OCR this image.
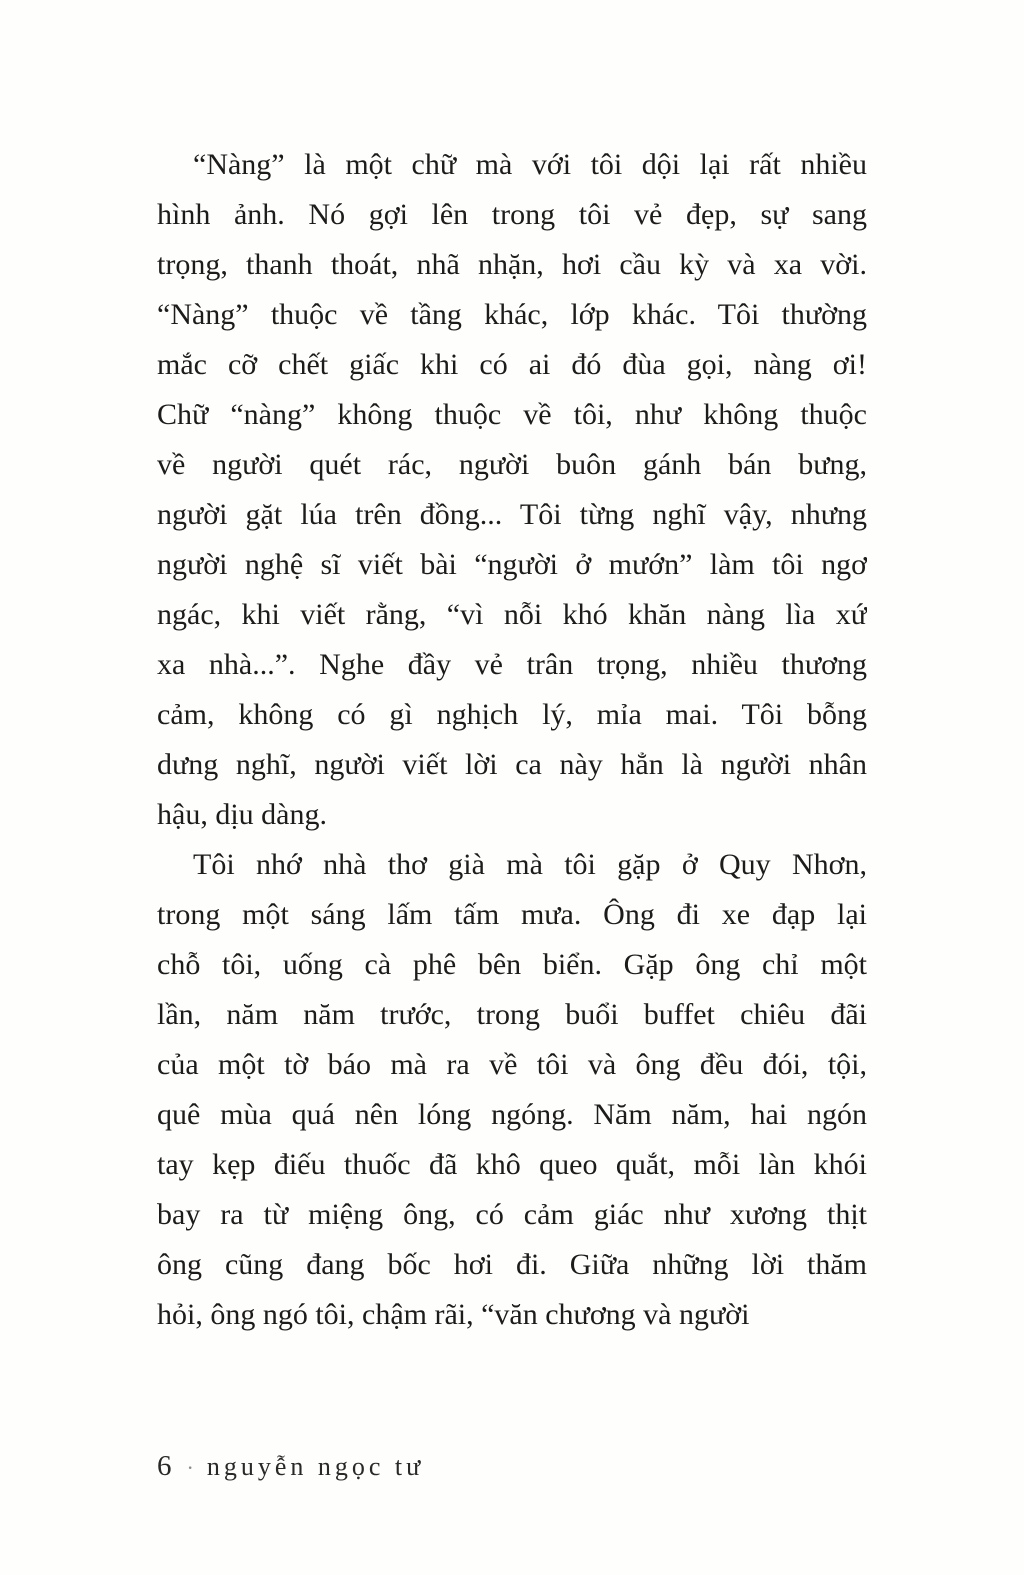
“Nàng” là một chữ mà với tôi dội lại rất nhiều
hình ảnh. Nó gợi lên trong tôi vẻ đẹp, sự sang
trọng, thanh thoát, nhã nhặn, hơi cầu kỳ và xa vời.
“Nàng” thuộc về tầng khác, lớp khác. Tôi thường
mắc cỡ chết giấc khi có ai đó đùa gọi, nàng ơi!
Chữ “nàng” không thuộc về tôi, như không thuộc
về người quét rác, người buôn gánh bán bưng,
người gặt lúa trên đồng... Tôi từng nghĩ vậy, nhưng
người nghệ sĩ viết bài “người ở mướn” làm tôi ngơ
ngác, khi viết rằng, “vì nỗi khó khăn nàng lìa xứ
xa nhà...”. Nghe đầy vẻ trân trọng, nhiều thương
cảm, không có gì nghịch lý, mỉa mai. Tôi bỗng
dưng nghĩ, người viết lời ca này hẳn là người nhân
hậu, dịu dàng.
Tôi nhớ nhà thơ già mà tôi gặp ở Quy Nhơn,
trong một sáng lấm tấm mưa. Ông đi xe đạp lại
chỗ tôi, uống cà phê bên biển. Gặp ông chỉ một
lần, năm năm trước, trong buổi buffet chiêu đãi
của một tờ báo mà ra về tôi và ông đều đói, tội,
quê mùa quá nên lóng ngóng. Năm năm, hai ngón
tay kẹp điếu thuốc đã khô queo quắt, mỗi làn khói
bay ra từ miệng ông, có cảm giác như xương thịt
ông cũng đang bốc hơi đi. Giữa những lời thăm
hỏi, ông ngó tôi, chậm rãi, “văn chương và người
6 · nguyễn ngọc tư
